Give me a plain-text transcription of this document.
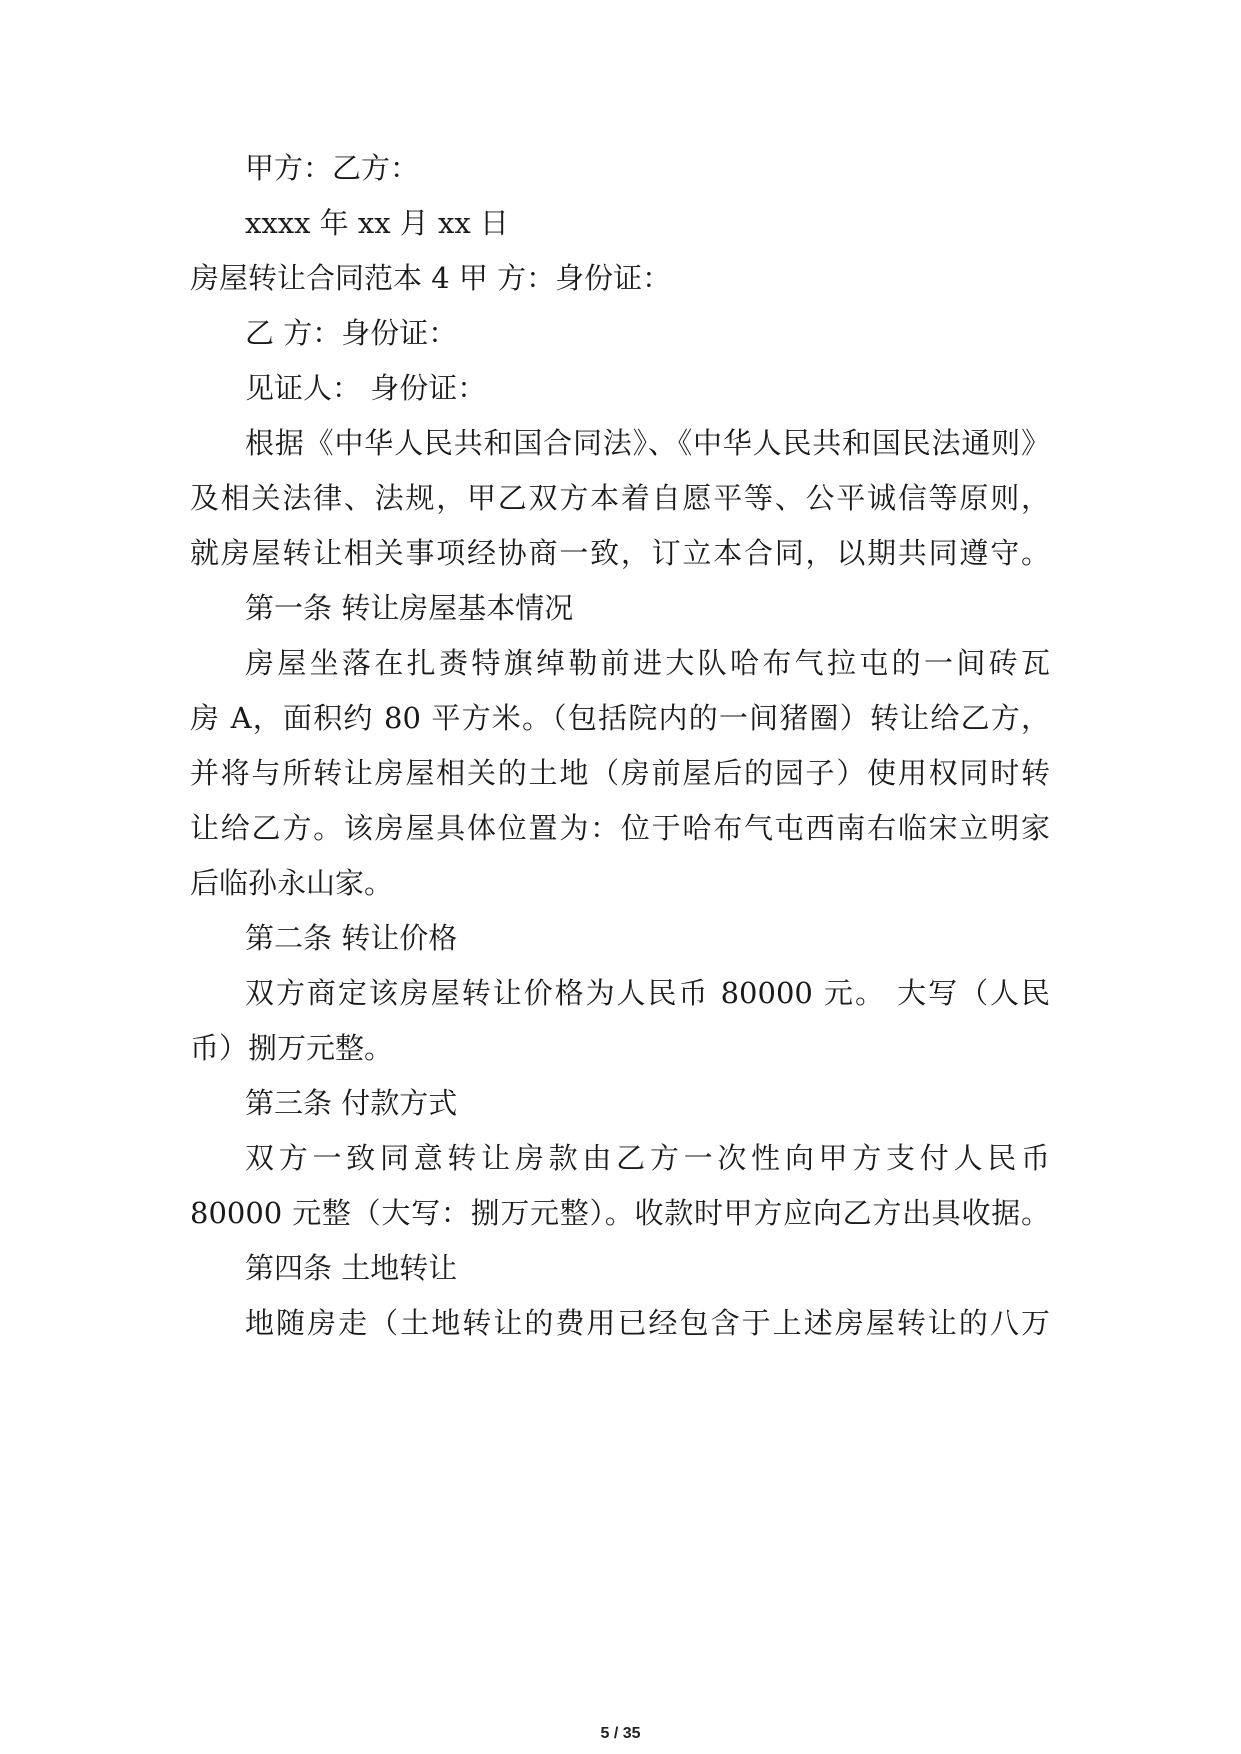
甲方：乙方：
xxxx 年 xx 月 xx 日
房屋转让合同范本 4 甲 方：身份证：
乙 方：身份证：
见证人： 身份证：
根据《中华人民共和国合同法》、《中华人民共和国民法通则》
及相关法律、法规，甲乙双方本着自愿平等、公平诚信等原则，
就房屋转让相关事项经协商一致，订立本合同，以期共同遵守。
第一条 转让房屋基本情况
房屋坐落在扎赉特旗绰勒前进大队哈布气拉屯的一间砖瓦
房 A，面积约 80 平方米。（包括院内的一间猪圈）转让给乙方，
并将与所转让房屋相关的土地（房前屋后的园子）使用权同时转
让给乙方。该房屋具体位置为：位于哈布气屯西南右临宋立明家
后临孙永山家。
第二条 转让价格
双方商定该房屋转让价格为人民币 80000 元。 大写（人民
币）捌万元整。
第三条 付款方式
双方一致同意转让房款由乙方一次性向甲方支付人民币
80000 元整（大写：捌万元整）。收款时甲方应向乙方出具收据。
第四条 土地转让
地随房走（土地转让的费用已经包含于上述房屋转让的八万
5 / 35
